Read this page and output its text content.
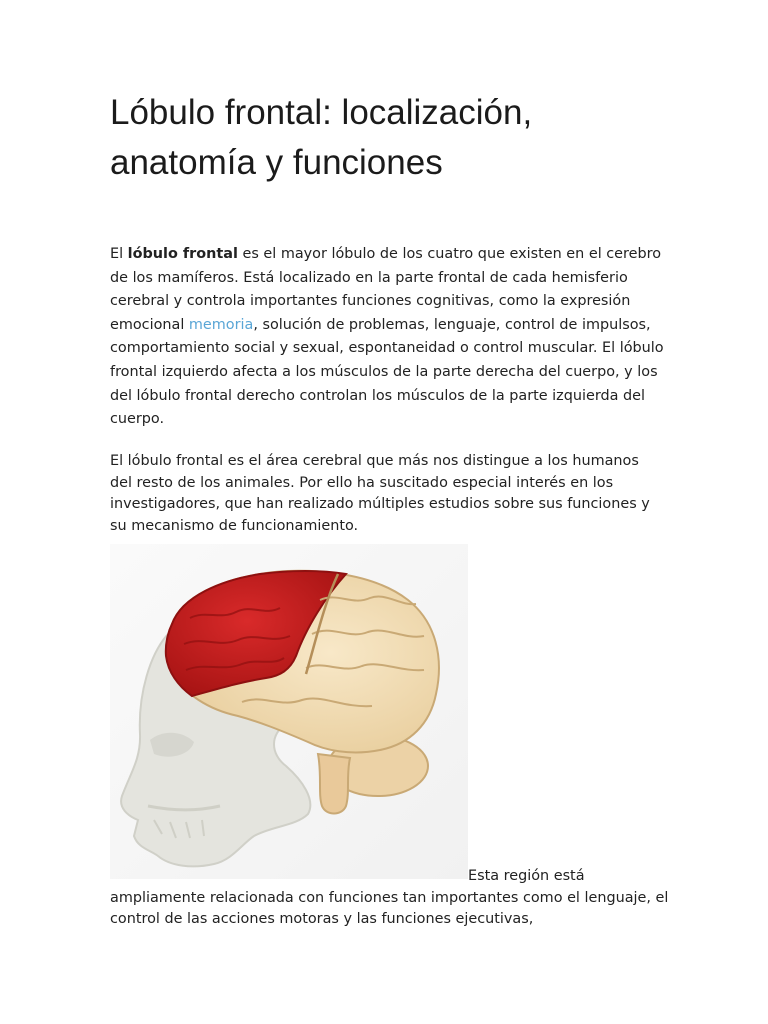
Lóbulo frontal: localización, anatomía y funciones

El lóbulo frontal es el mayor lóbulo de los cuatro que existen en el cerebro de los mamíferos. Está localizado en la parte frontal de cada hemisferio cerebral y controla importantes funciones cognitivas, como la expresión emocional memoria, solución de problemas, lenguaje, control de impulsos, comportamiento social y sexual, espontaneidad o control muscular. El lóbulo frontal izquierdo afecta a los músculos de la parte derecha del cuerpo, y los del lóbulo frontal derecho controlan los músculos de la parte izquierda del cuerpo.

El lóbulo frontal es el área cerebral que más nos distingue a los humanos del resto de los animales. Por ello ha suscitado especial interés en los investigadores, que han realizado múltiples estudios sobre sus funciones y su mecanismo de funcionamiento.

Esta región está ampliamente relacionada con funciones tan importantes como el lenguaje, el control de las acciones motoras y las funciones ejecutivas,
